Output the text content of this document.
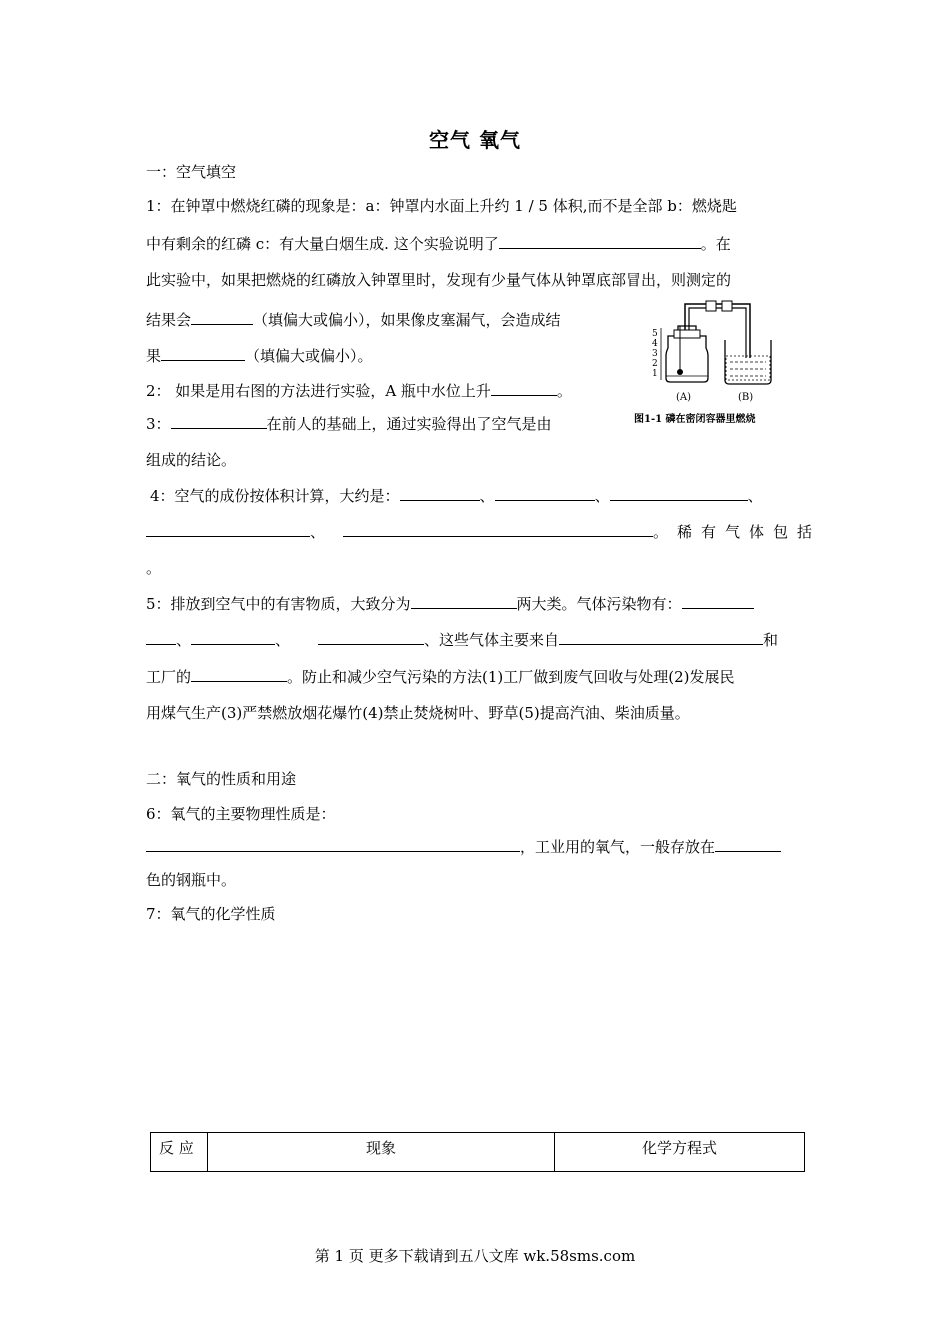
空气 氧气
一：空气填空
1：在钟罩中燃烧红磷的现象是：a：钟罩内水面上升约 1 / 5 体积,而不是全部 b：燃烧匙
中有剩余的红磷 c：有大量白烟生成. 这个实验说明了	。在
此实验中，如果把燃烧的红磷放入钟罩里时，发现有少量气体从钟罩底部冒出，则测定的
结果会	（填偏大或偏小），如果像皮塞漏气，会造成结
果	（填偏大或偏小）。
2： 如果是用右图的方法进行实验，A 瓶中水位上升	。
3：	在前人的基础上，通过实验得出了空气是由
组成的结论。
4：空气的成份按体积计算，大约是：	、	、	、
、	。稀有气体包括
。
5：排放到空气中的有害物质，大致分为	两大类。气体污染物有：
、	、	、这些气体主要来自	和
工厂的	。防止和减少空气污染的方法(1)工厂做到废气回收与处理(2)发展民
用煤气生产(3)严禁燃放烟花爆竹(4)禁止焚烧树叶、野草(5)提高汽油、柴油质量。
二：氧气的性质和用途
6：氧气的主要物理性质是：
，工业用的氧气，一般存放在
色的钢瓶中。
7：氧气的化学性质
5
4
3
2
1
(A)	(B)
图1-1 磷在密闭容器里燃烧
反 应	现象	化学方程式
第 1 页 更多下载请到五八文库 wk.58sms.com
